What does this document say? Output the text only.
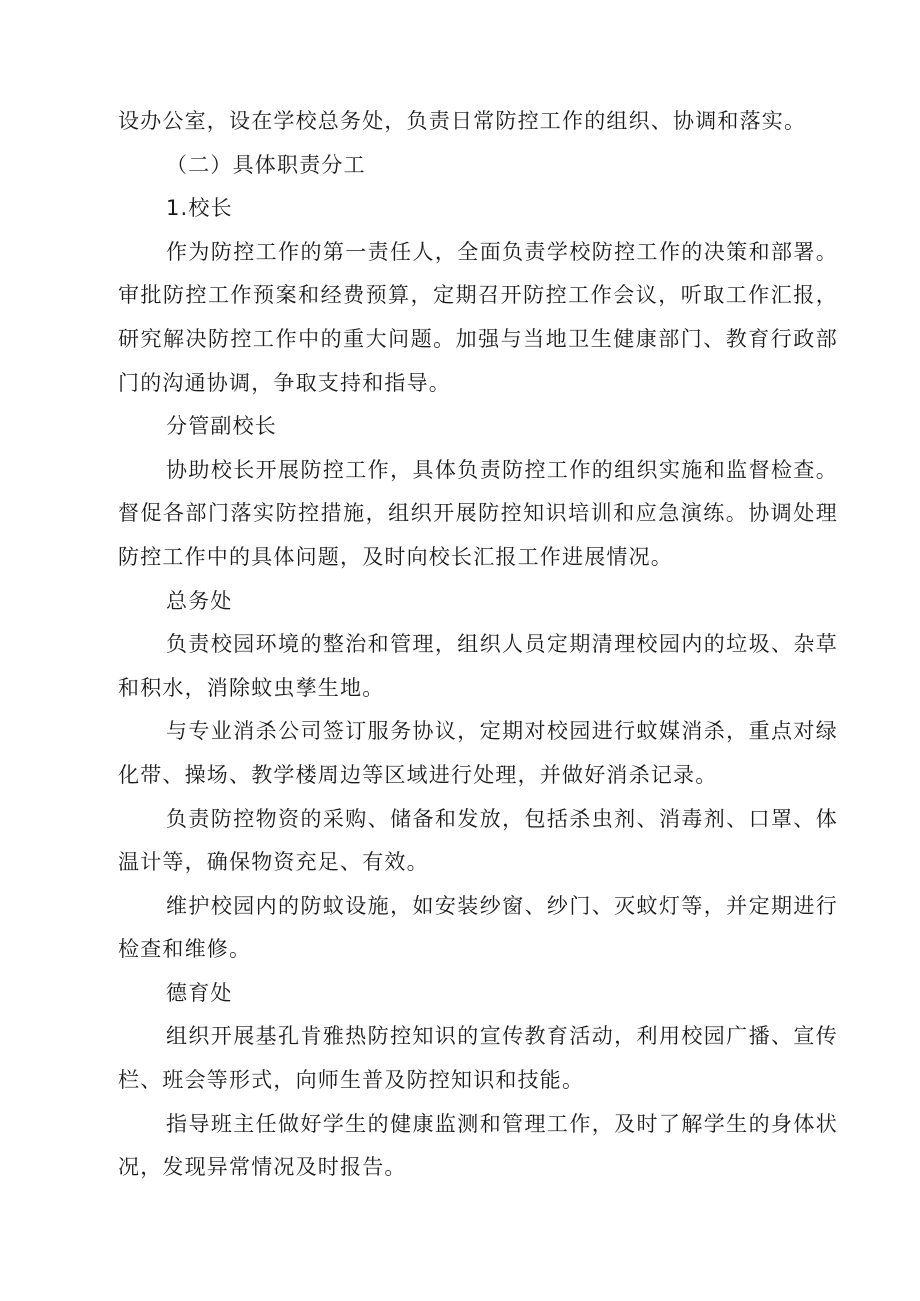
设办公室，设在学校总务处，负责日常防控工作的组织、协调和落实。

（二）具体职责分工

1.校长

作为防控工作的第一责任人，全面负责学校防控工作的决策和部署。审批防控工作预案和经费预算，定期召开防控工作会议，听取工作汇报，研究解决防控工作中的重大问题。加强与当地卫生健康部门、教育行政部门的沟通协调，争取支持和指导。

分管副校长

协助校长开展防控工作，具体负责防控工作的组织实施和监督检查。督促各部门落实防控措施，组织开展防控知识培训和应急演练。协调处理防控工作中的具体问题，及时向校长汇报工作进展情况。

总务处

负责校园环境的整治和管理，组织人员定期清理校园内的垃圾、杂草和积水，消除蚊虫孳生地。

与专业消杀公司签订服务协议，定期对校园进行蚊媒消杀，重点对绿化带、操场、教学楼周边等区域进行处理，并做好消杀记录。

负责防控物资的采购、储备和发放，包括杀虫剂、消毒剂、口罩、体温计等，确保物资充足、有效。

维护校园内的防蚊设施，如安装纱窗、纱门、灭蚊灯等，并定期进行检查和维修。

德育处

组织开展基孔肯雅热防控知识的宣传教育活动，利用校园广播、宣传栏、班会等形式，向师生普及防控知识和技能。

指导班主任做好学生的健康监测和管理工作，及时了解学生的身体状况，发现异常情况及时报告。
